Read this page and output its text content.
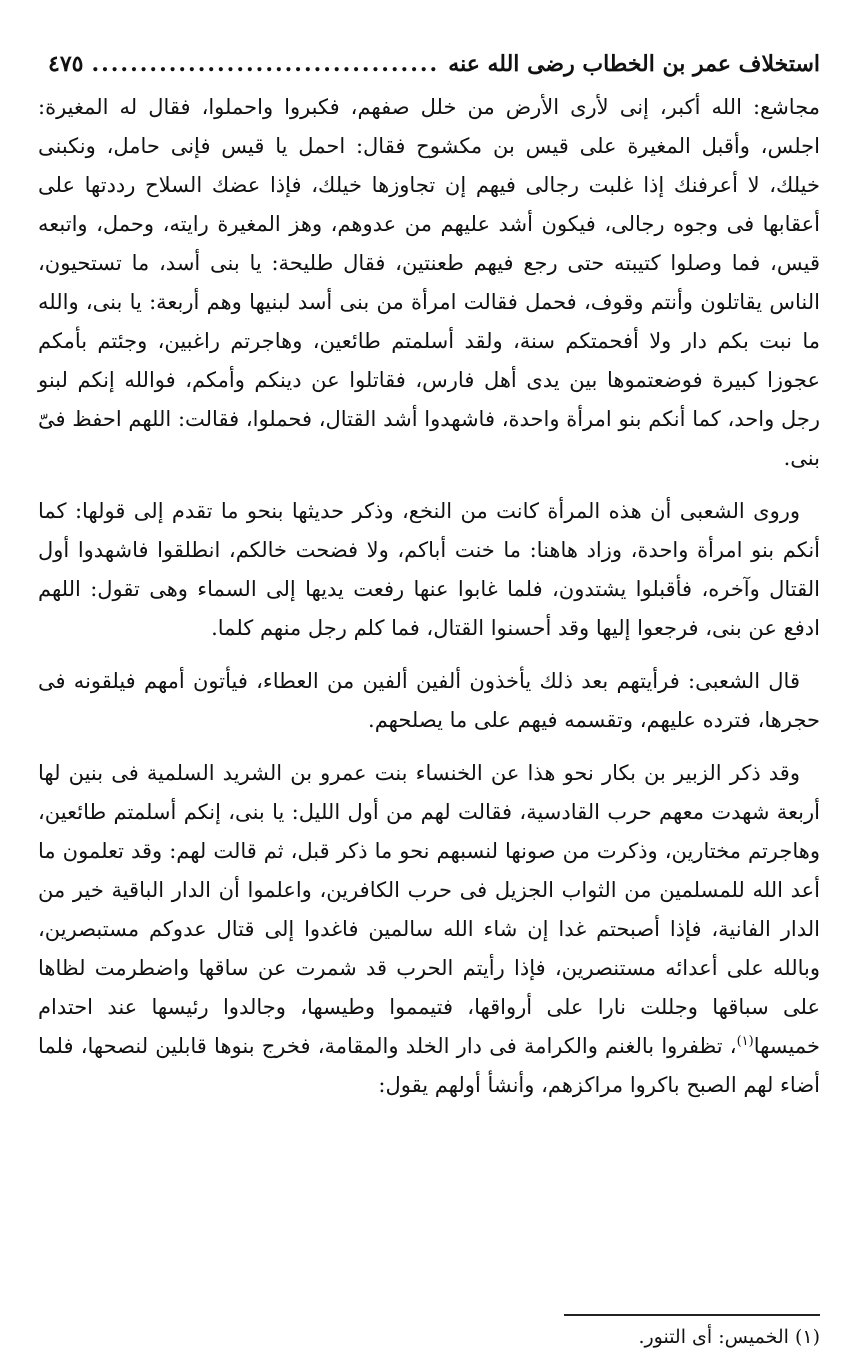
استخلاف عمر بن الخطاب رضى الله عنه
.....
٤٧٥

مجاشع: الله أكبر، إنى لأرى الأرض من خلل صفهم، فكبروا واحملوا، فقال له المغيرة: اجلس، وأقبل المغيرة على قيس بن مكشوح فقال: احمل يا قيس فإنى حامل، ونكبنى خيلك، لا أعرفنك إذا غلبت رجالى فيهم إن تجاوزها خيلك، فإذا عضك السلاح رددتها على أعقابها فى وجوه رجالى، فيكون أشد عليهم من عدوهم، وهز المغيرة رايته، وحمل، واتبعه قيس، فما وصلوا كتيبته حتى رجع فيهم طعنتين، فقال طليحة: يا بنى أسد، ما تستحيون، الناس يقاتلون وأنتم وقوف، فحمل فقالت امرأة من بنى أسد لبنيها وهم أربعة: يا بنى، والله ما نبت بكم دار ولا أفحمتكم سنة، ولقد أسلمتم طائعين، وهاجرتم راغبين، وجئتم بأمكم عجوزا كبيرة فوضعتموها بين يدى أهل فارس، فقاتلوا عن دينكم وأمكم، فوالله إنكم لبنو رجل واحد، كما أنكم بنو امرأة واحدة، فاشهدوا أشد القتال، فحملوا، فقالت: اللهم احفظ فىّ بنى.

وروى الشعبى أن هذه المرأة كانت من النخع، وذكر حديثها بنحو ما تقدم إلى قولها: كما أنكم بنو امرأة واحدة، وزاد هاهنا: ما خنت أباكم، ولا فضحت خالكم، انطلقوا فاشهدوا أول القتال وآخره، فأقبلوا يشتدون، فلما غابوا عنها رفعت يديها إلى السماء وهى تقول: اللهم ادفع عن بنى، فرجعوا إليها وقد أحسنوا القتال، فما كلم رجل منهم كلما.

قال الشعبى: فرأيتهم بعد ذلك يأخذون ألفين ألفين من العطاء، فيأتون أمهم فيلقونه فى حجرها، فترده عليهم، وتقسمه فيهم على ما يصلحهم.

وقد ذكر الزبير بن بكار نحو هذا عن الخنساء بنت عمرو بن الشريد السلمية فى بنين لها أربعة شهدت معهم حرب القادسية، فقالت لهم من أول الليل: يا بنى، إنكم أسلمتم طائعين، وهاجرتم مختارين، وذكرت من صونها لنسبهم نحو ما ذكر قبل، ثم قالت لهم: وقد تعلمون ما أعد الله للمسلمين من الثواب الجزيل فى حرب الكافرين، واعلموا أن الدار الباقية خير من الدار الفانية، فإذا أصبحتم غدا إن شاء الله سالمين فاغدوا إلى قتال عدوكم مستبصرين، وبالله على أعدائه مستنصرين، فإذا رأيتم الحرب قد شمرت عن ساقها واضطرمت لظاها على سباقها وجللت نارا على أرواقها، فتيمموا وطيسها، وجالدوا رئيسها عند احتدام خميسها$^{(١)}$، تظفروا بالغنم والكرامة فى دار الخلد والمقامة، فخرج بنوها قابلين لنصحها، فلما أضاء لهم الصبح باكروا مراكزهم، وأنشأ أولهم يقول:

(١) الخميس: أى التنور.
